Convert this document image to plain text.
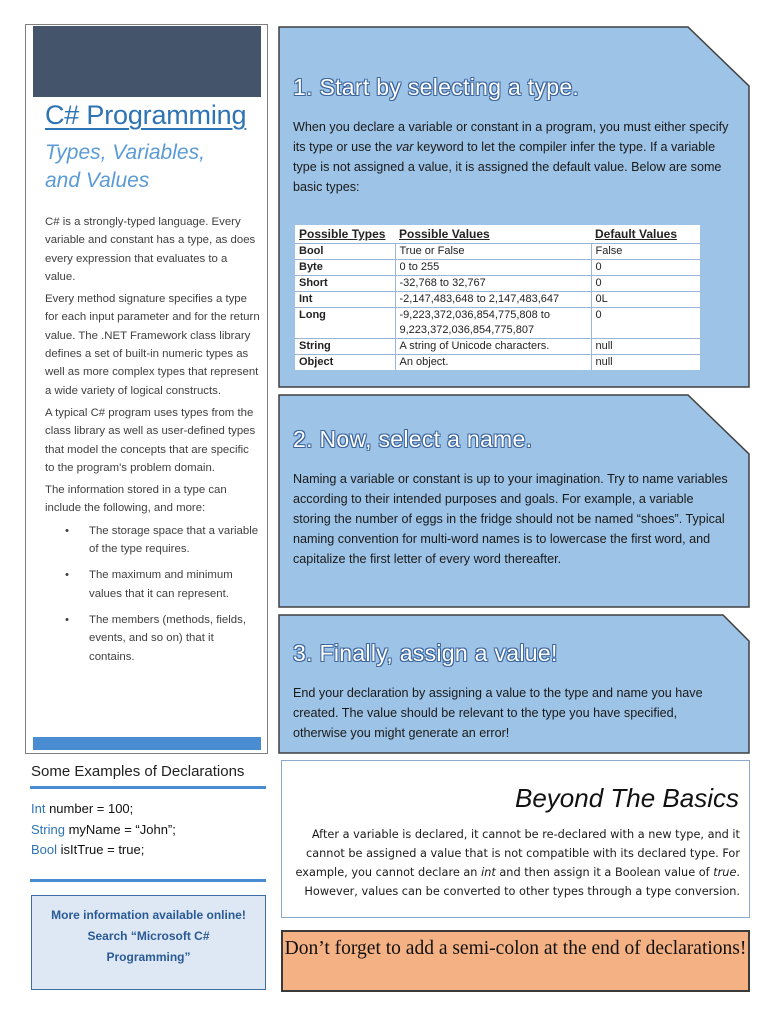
C# Programming
Types, Variables, and Values

C# is a strongly-typed language. Every variable and constant has a type, as does every expression that evaluates to a value.

Every method signature specifies a type for each input parameter and for the return value. The .NET Framework class library defines a set of built-in numeric types as well as more complex types that represent a wide variety of logical constructs.

A typical C# program uses types from the class library as well as user-defined types that model the concepts that are specific to the program's problem domain.

The information stored in a type can include the following, and more:

• The storage space that a variable of the type requires.
• The maximum and minimum values that it can represent.
• The members (methods, fields, events, and so on) that it contains.
Some Examples of Declarations
Int number = 100;
String myName = “John”;
Bool isItTrue = true;
More information available online!
Search “Microsoft C#
Programming”
1. Start by selecting a type.
When you declare a variable or constant in a program, you must either specify its type or use the var keyword to let the compiler infer the type. If a variable type is not assigned a value, it is assigned the default value. Below are some basic types:
Possible Types	Possible Values	Default Values
Bool	True or False	False
Byte	0 to 255	0
Short	-32,768 to 32,767	0
Int	-2,147,483,648 to 2,147,483,647	0L
Long	-9,223,372,036,854,775,808 to 9,223,372,036,854,775,807	0
String	A string of Unicode characters.	null
Object	An object.	null
2. Now, select a name.
Naming a variable or constant is up to your imagination. Try to name variables according to their intended purposes and goals. For example, a variable storing the number of eggs in the fridge should not be named “shoes”. Typical naming convention for multi-word names is to lowercase the first word, and capitalize the first letter of every word thereafter.
3. Finally, assign a value!
End your declaration by assigning a value to the type and name you have created. The value should be relevant to the type you have specified, otherwise you might generate an error!
Beyond The Basics
After a variable is declared, it cannot be re-declared with a new type, and it cannot be assigned a value that is not compatible with its declared type. For example, you cannot declare an int and then assign it a Boolean value of true. However, values can be converted to other types through a type conversion.
Don’t forget to add a semi-colon at the end of declarations!
